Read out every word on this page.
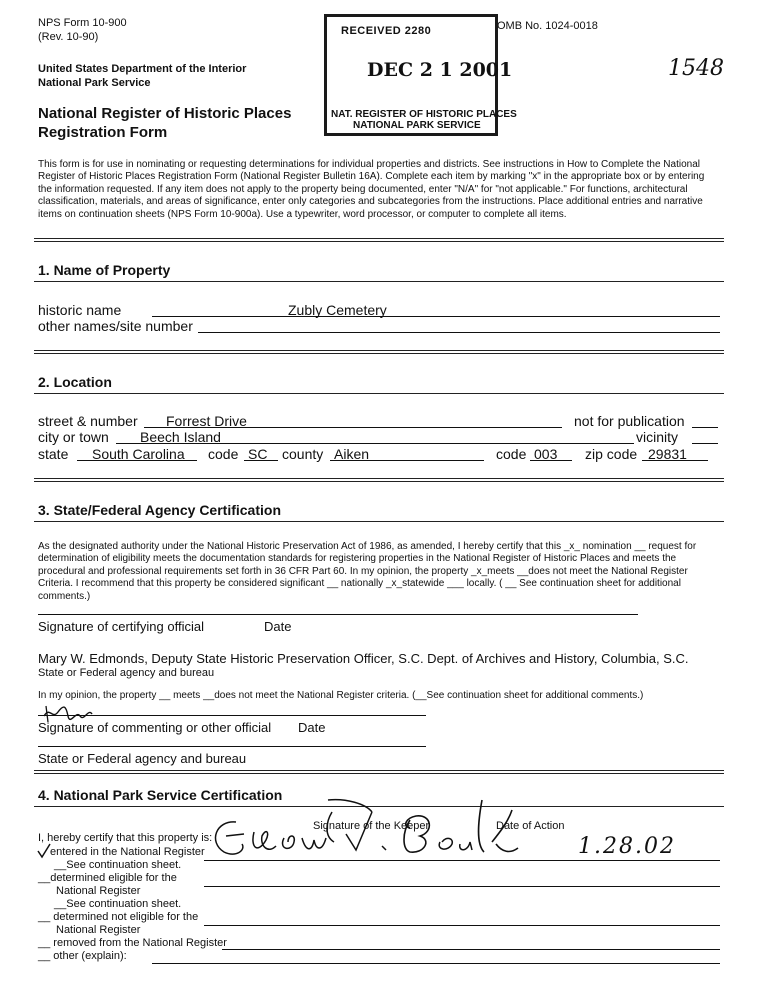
NPS Form 10-900
(Rev. 10-90)
OMB No. 1024-0018
United States Department of the Interior
National Park Service
National Register of Historic Places
Registration Form
1548
RECEIVED 2280
DEC 2 1 2001
NAT. REGISTER OF HISTORIC PLACES
NATIONAL PARK SERVICE
This form is for use in nominating or requesting determinations for individual properties and districts. See instructions in How to Complete the National Register of Historic Places Registration Form (National Register Bulletin 16A). Complete each item by marking "x" in the appropriate box or by entering the information requested. If any item does not apply to the property being documented, enter "N/A" for "not applicable." For functions, architectural classification, materials, and areas of significance, enter only categories and subcategories from the instructions. Place additional entries and narrative items on continuation sheets (NPS Form 10-900a). Use a typewriter, word processor, or computer to complete all items.
1. Name of Property
historic name	Zubly Cemetery
other names/site number
2. Location
street & number Forrest Drive	not for publication
city or town Beech Island	vicinity
state South Carolina code SC county Aiken	code 003 zip code 29831
3. State/Federal Agency Certification
As the designated authority under the National Historic Preservation Act of 1986, as amended, I hereby certify that this _x_ nomination __ request for determination of eligibility meets the documentation standards for registering properties in the National Register of Historic Places and meets the procedural and professional requirements set forth in 36 CFR Part 60. In my opinion, the property _x_meets __does not meet the National Register Criteria. I recommend that this property be considered significant __ nationally _x_statewide ___ locally. ( __ See continuation sheet for additional comments.)
Signature of certifying official	Date
Mary W. Edmonds, Deputy State Historic Preservation Officer, S.C. Dept. of Archives and History, Columbia, S.C.
State or Federal agency and bureau
In my opinion, the property __ meets __does not meet the National Register criteria. (__See continuation sheet for additional comments.)
Signature of commenting or other official Date
State or Federal agency and bureau
4. National Park Service Certification
I, hereby certify that this property is:
Signature of the Keeper	Date of Action
1.28.02
entered in the National Register
__See continuation sheet.
__determined eligible for the
National Register
__See continuation sheet.
__ determined not eligible for the
National Register
__ removed from the National Register
__ other (explain):
